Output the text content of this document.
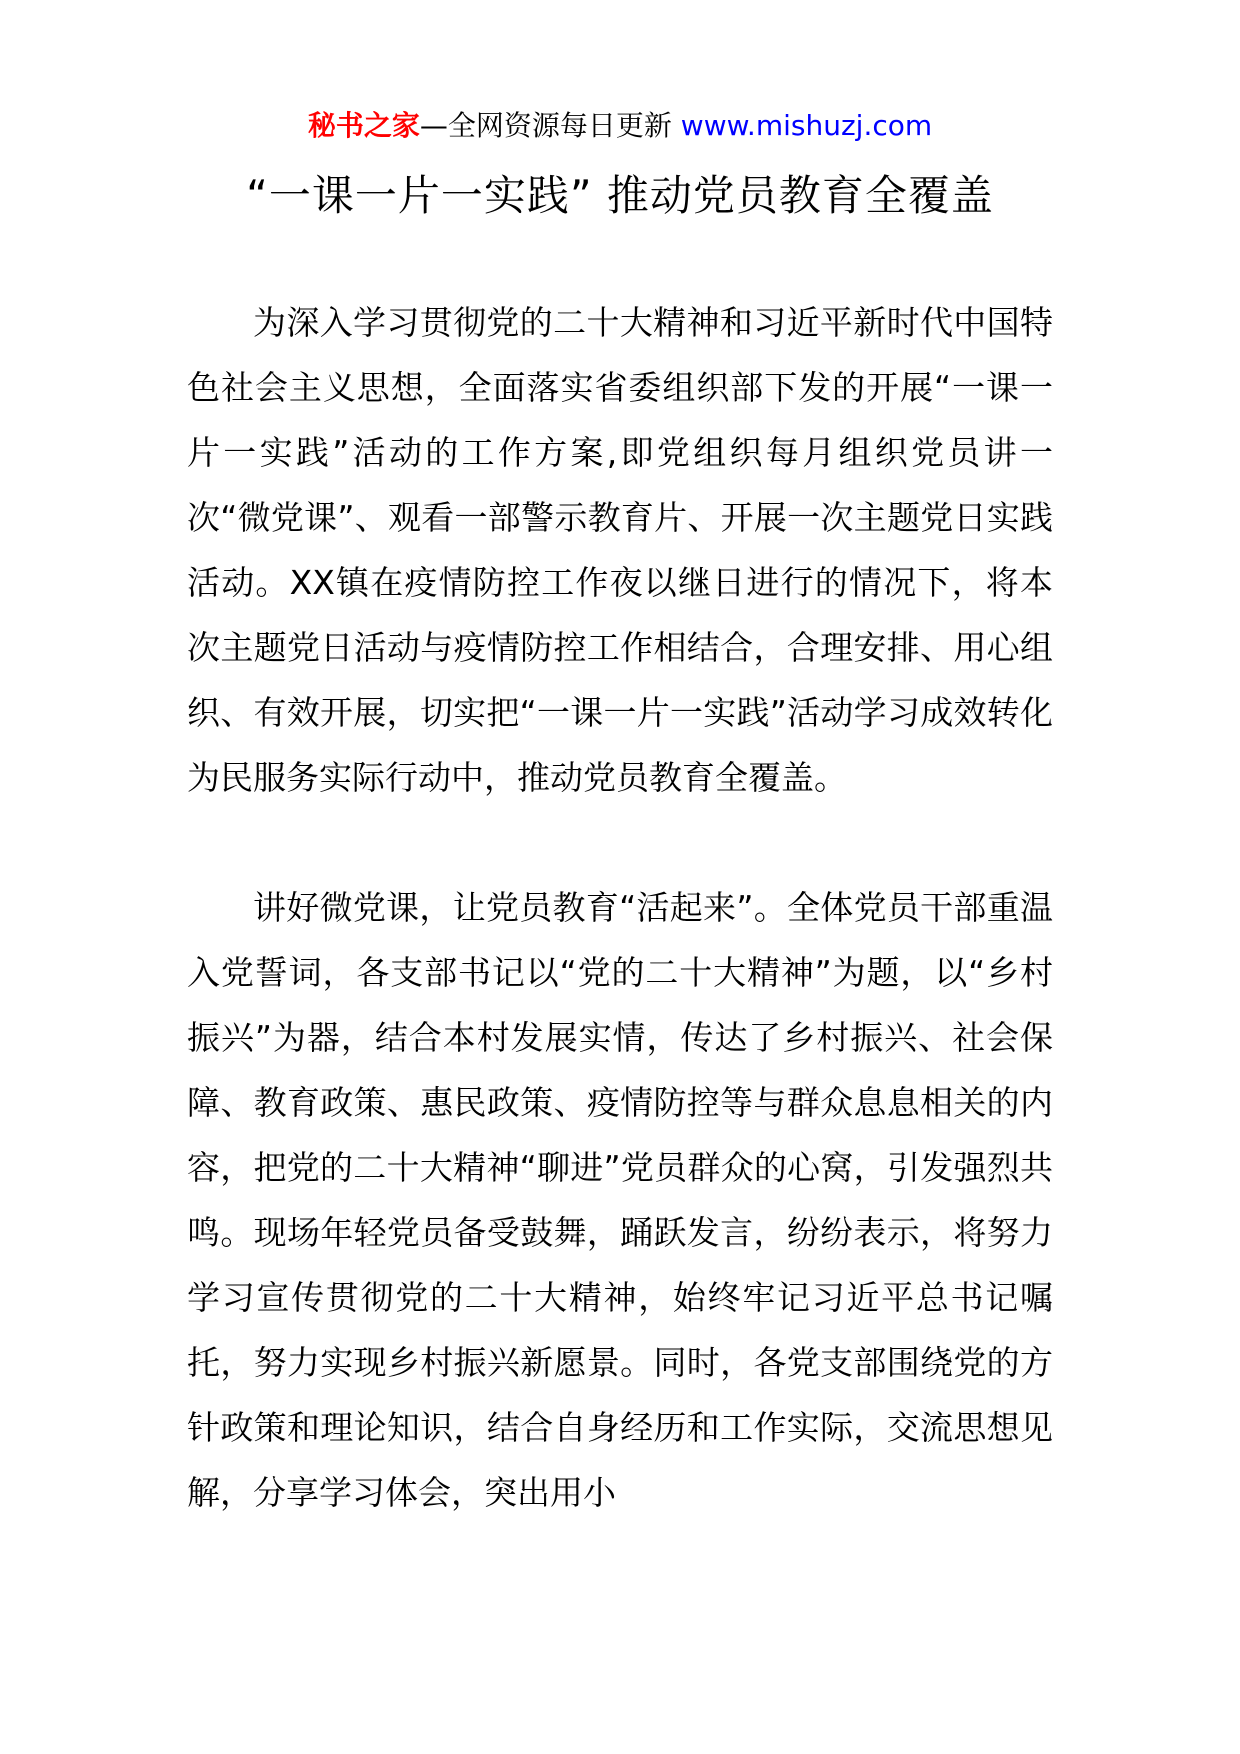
秘书之家—全网资源每日更新 www.mishuzj.com
“一课一片一实践” 推动党员教育全覆盖

为深入学习贯彻党的二十大精神和习近平新时代中国特色社会主义思想，全面落实省委组织部下发的开展“一课一片一实践”活动的工作方案,即党组织每月组织党员讲一次“微党课”、观看一部警示教育片、开展一次主题党日实践活动。XX镇在疫情防控工作夜以继日进行的情况下，将本次主题党日活动与疫情防控工作相结合，合理安排、用心组织、有效开展，切实把“一课一片一实践”活动学习成效转化为民服务实际行动中，推动党员教育全覆盖。

讲好微党课，让党员教育“活起来”。全体党员干部重温入党誓词，各支部书记以“党的二十大精神”为题，以“乡村振兴”为器，结合本村发展实情，传达了乡村振兴、社会保障、教育政策、惠民政策、疫情防控等与群众息息相关的内容，把党的二十大精神“聊进”党员群众的心窝，引发强烈共鸣。现场年轻党员备受鼓舞，踊跃发言，纷纷表示，将努力学习宣传贯彻党的二十大精神，始终牢记习近平总书记嘱托，努力实现乡村振兴新愿景。同时，各党支部围绕党的方针政策和理论知识，结合自身经历和工作实际，交流思想见解，分享学习体会，突出用小
